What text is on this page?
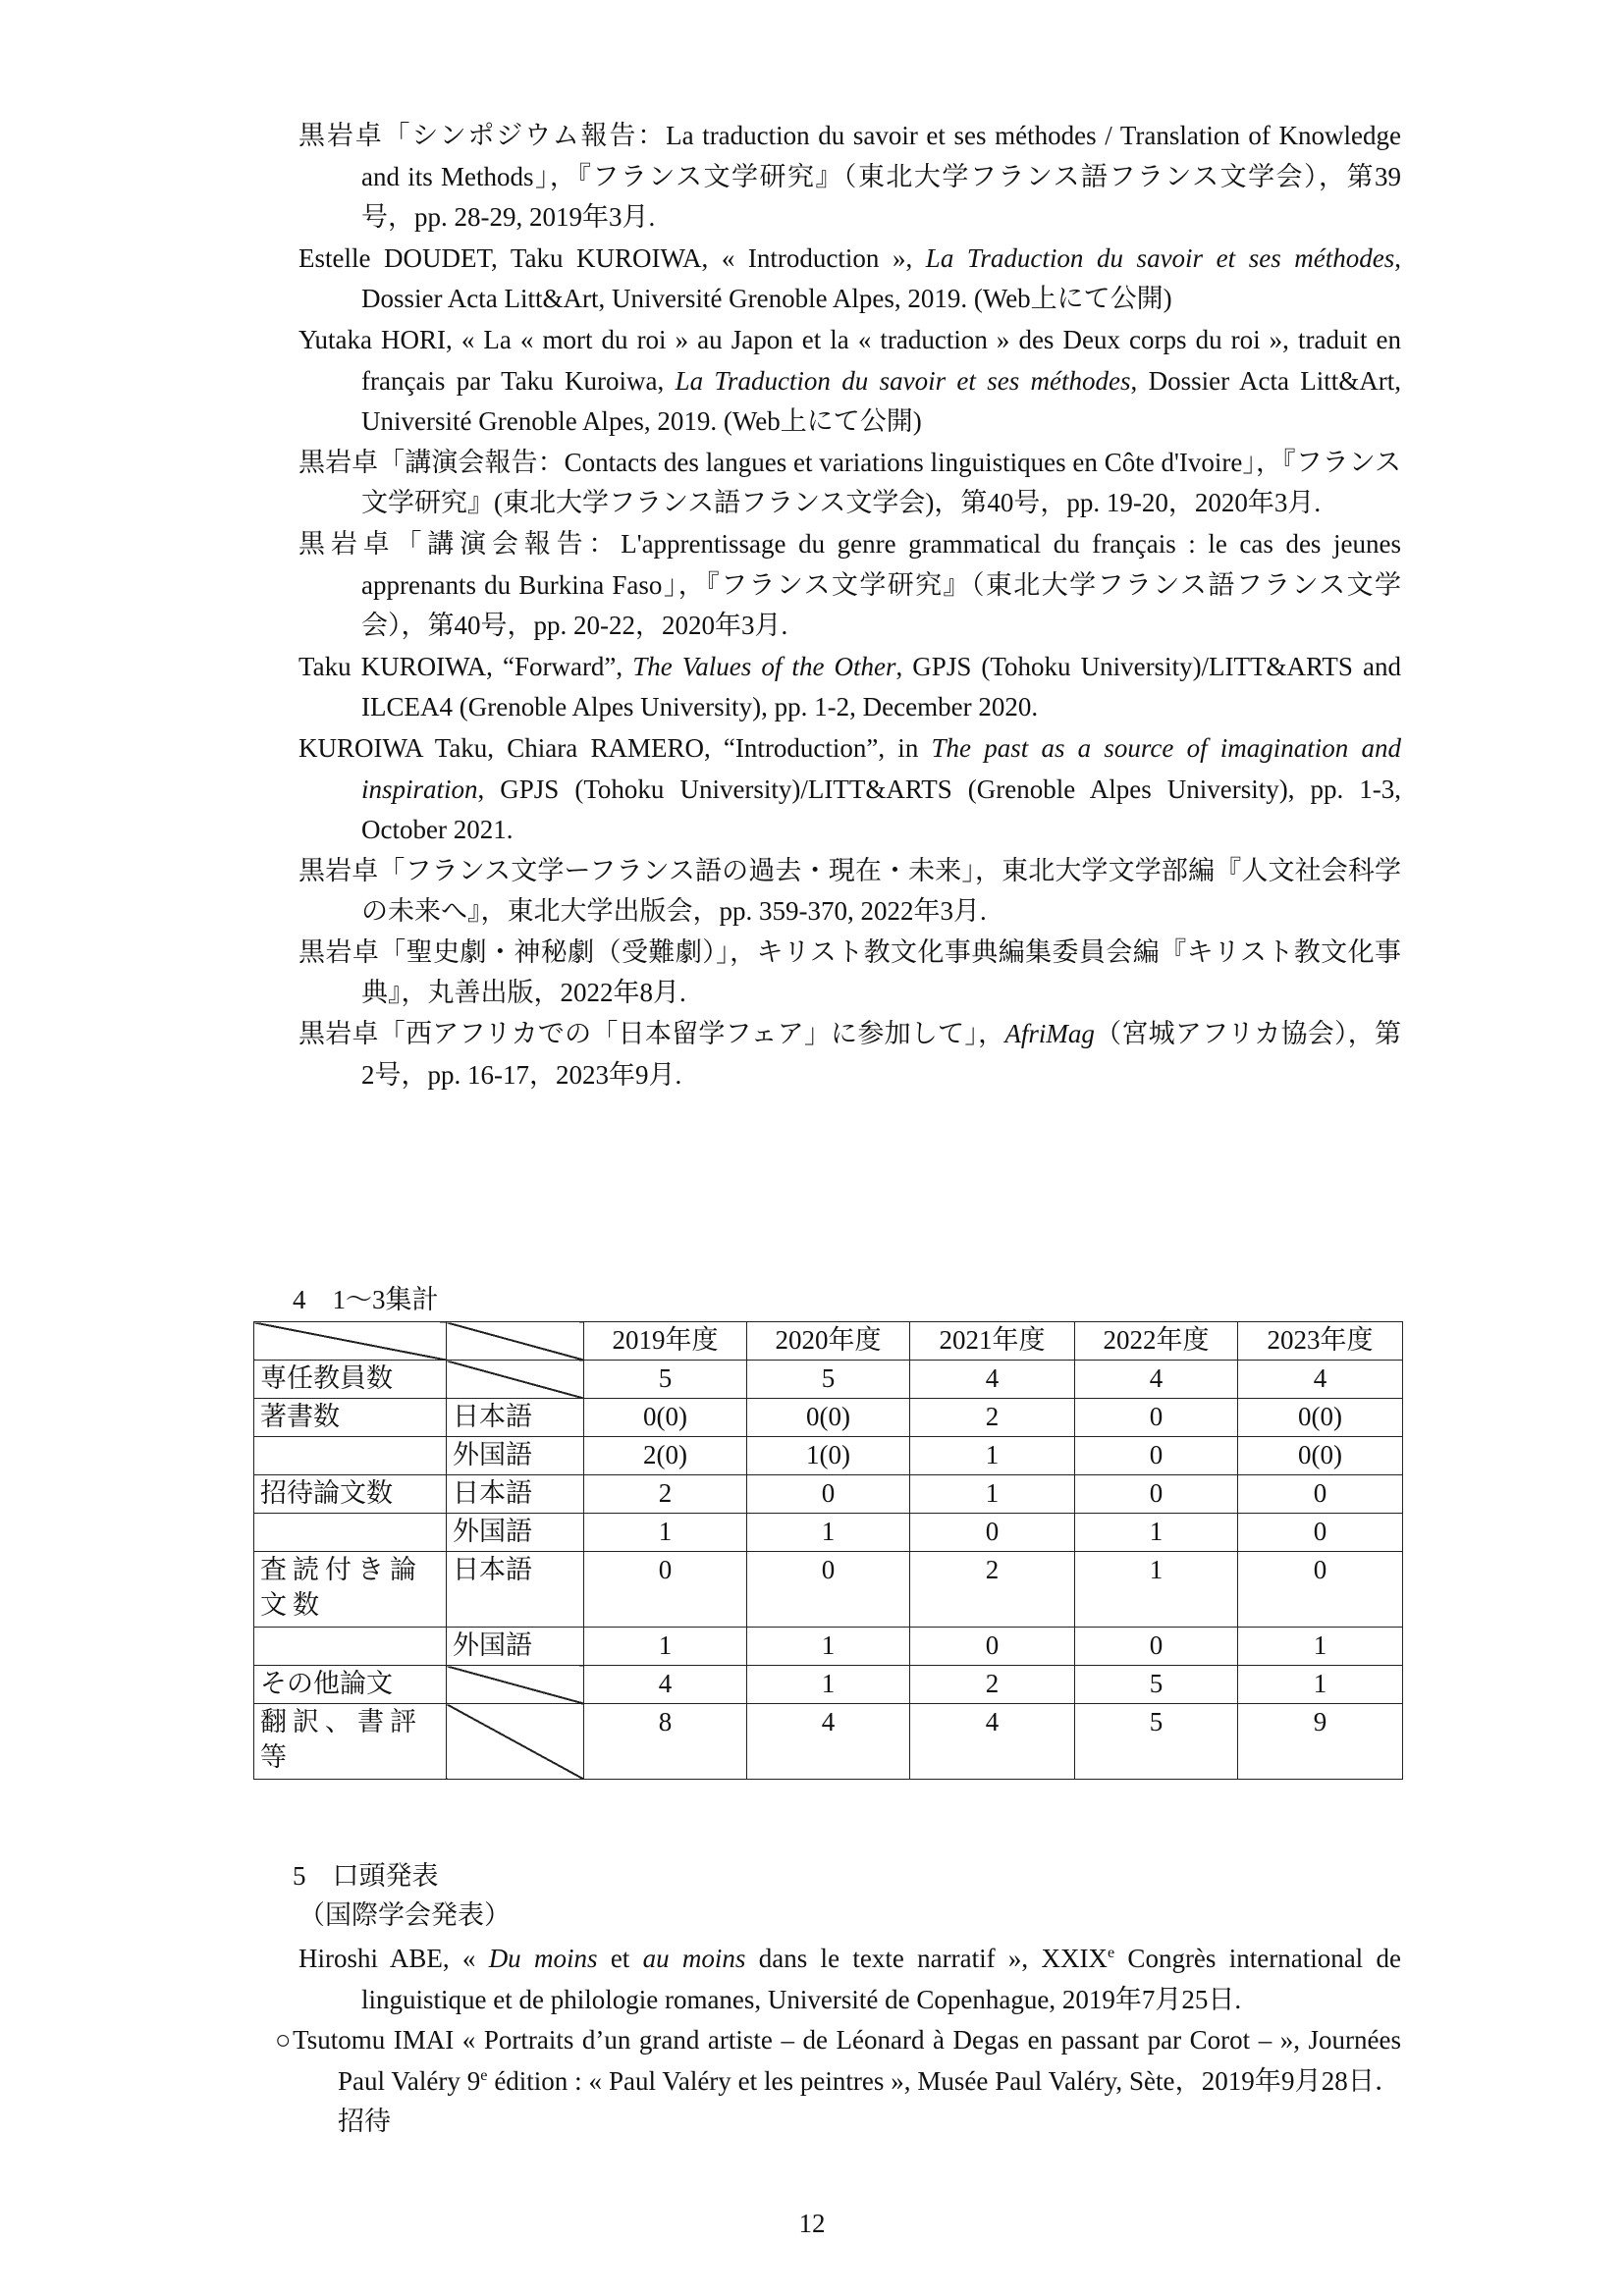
黒岩卓「シンポジウム報告：La traduction du savoir et ses méthodes / Translation of Knowledge and its Methods」，『フランス文学研究』（東北大学フランス語フランス文学会），第39号，pp. 28-29, 2019年3月.

Estelle DOUDET, Taku KUROIWA, « Introduction », La Traduction du savoir et ses méthodes, Dossier Acta Litt&Art, Université Grenoble Alpes, 2019. (Web上にて公開)

Yutaka HORI, « La « mort du roi » au Japon et la « traduction » des Deux corps du roi », traduit en français par Taku Kuroiwa, La Traduction du savoir et ses méthodes, Dossier Acta Litt&Art, Université Grenoble Alpes, 2019. (Web上にて公開)

黒岩卓「講演会報告：Contacts des langues et variations linguistiques en Côte d'Ivoire」，『フランス文学研究』(東北大学フランス語フランス文学会)，第40号，pp. 19-20，2020年3月.

黒岩卓「講演会報告：L'apprentissage du genre grammatical du français : le cas des jeunes apprenants du Burkina Faso」，『フランス文学研究』（東北大学フランス語フランス文学会），第40号，pp. 20-22，2020年3月.

Taku KUROIWA, “Forward”, The Values of the Other, GPJS (Tohoku University)/LITT&ARTS and ILCEA4 (Grenoble Alpes University), pp. 1-2, December 2020.

KUROIWA Taku, Chiara RAMERO, “Introduction”, in The past as a source of imagination and inspiration, GPJS (Tohoku University)/LITT&ARTS (Grenoble Alpes University), pp. 1-3, October 2021.

黒岩卓「フランス文学ーフランス語の過去・現在・未来」，東北大学文学部編『人文社会科学の未来へ』，東北大学出版会，pp. 359-370, 2022年3月.

黒岩卓「聖史劇・神秘劇（受難劇）」，キリスト教文化事典編集委員会編『キリスト教文化事典』，丸善出版，2022年8月.

黒岩卓「西アフリカでの「日本留学フェア」に参加して」，AfriMag（宮城アフリカ協会），第2号，pp. 16-17，2023年9月.

4　1〜3集計

		2019年度	2020年度	2021年度	2022年度	2023年度
専任教員数		5	5	4	4	4
著書数	日本語	0(0)	0(0)	2	0	0(0)
	外国語	2(0)	1(0)	1	0	0(0)
招待論文数	日本語	2	0	1	0	0
	外国語	1	1	0	1	0
査読付き論文数	日本語	0	0	2	1	0
	外国語	1	1	0	0	1
その他論文		4	1	2	5	1
翻訳、書評等		8	4	4	5	9

5　口頭発表

（国際学会発表）

Hiroshi ABE, « Du moins et au moins dans le texte narratif », XXIXe Congrès international de linguistique et de philologie romanes, Université de Copenhague, 2019年7月25日.

○Tsutomu IMAI « Portraits d’un grand artiste – de Léonard à Degas en passant par Corot – », Journées Paul Valéry 9e édition : « Paul Valéry et les peintres », Musée Paul Valéry, Sète，2019年9月28日．招待

12
